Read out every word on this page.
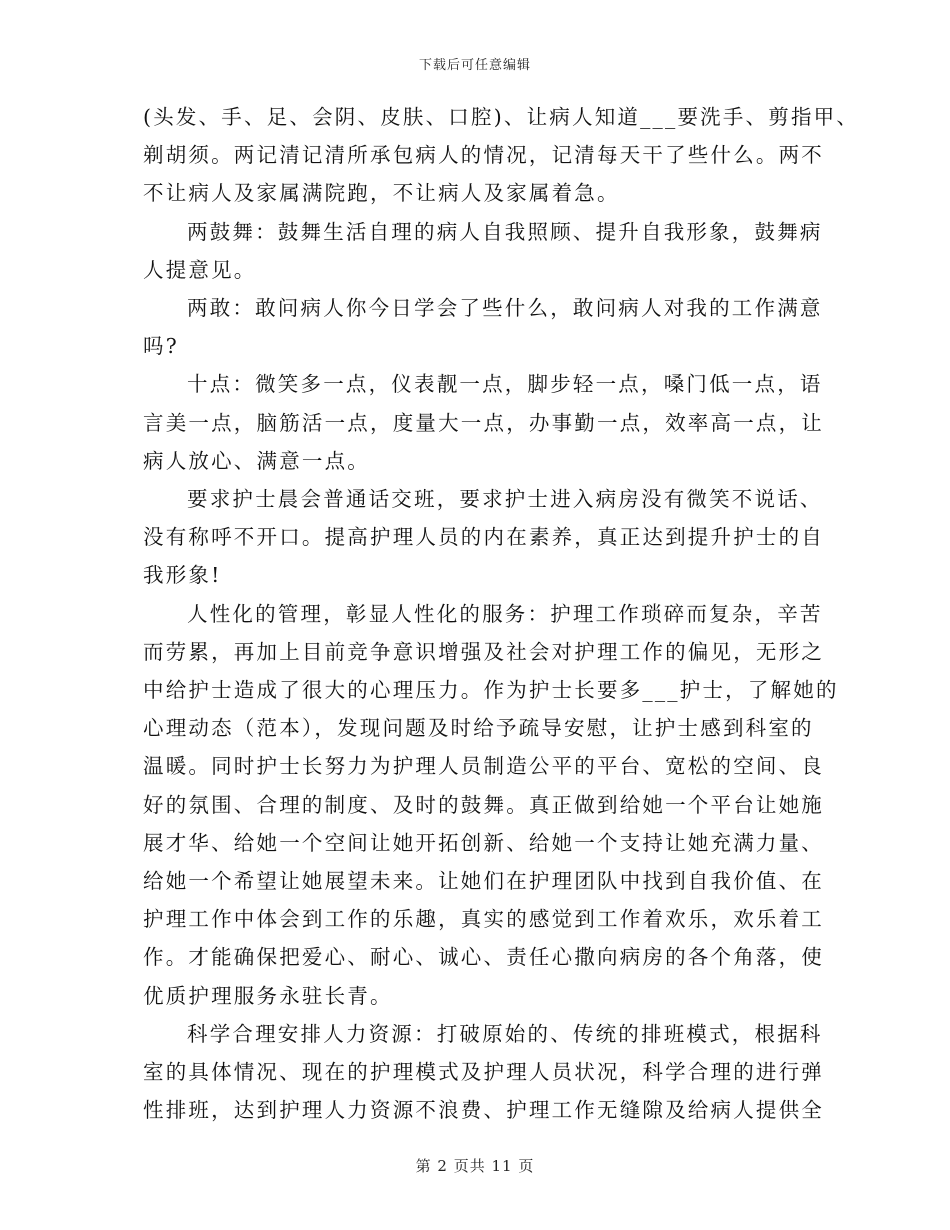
下载后可任意编辑
(头发、手、足、会阴、皮肤、口腔)、让病人知道___要洗手、剪指甲、
剃胡须。两记清记清所承包病人的情况，记清每天干了些什么。两不
不让病人及家属满院跑，不让病人及家属着急。
两鼓舞：鼓舞生活自理的病人自我照顾、提升自我形象，鼓舞病
人提意见。
两敢：敢问病人你今日学会了些什么，敢问病人对我的工作满意
吗?
十点：微笑多一点，仪表靓一点，脚步轻一点，嗓门低一点，语
言美一点，脑筋活一点，度量大一点，办事勤一点，效率高一点，让
病人放心、满意一点。
要求护士晨会普通话交班，要求护士进入病房没有微笑不说话、
没有称呼不开口。提高护理人员的内在素养，真正达到提升护士的自
我形象!
人性化的管理，彰显人性化的服务：护理工作琐碎而复杂，辛苦
而劳累，再加上目前竞争意识增强及社会对护理工作的偏见，无形之
中给护士造成了很大的心理压力。作为护士长要多___护士，了解她的
心理动态（范本），发现问题及时给予疏导安慰，让护士感到科室的
温暖。同时护士长努力为护理人员制造公平的平台、宽松的空间、良
好的氛围、合理的制度、及时的鼓舞。真正做到给她一个平台让她施
展才华、给她一个空间让她开拓创新、给她一个支持让她充满力量、
给她一个希望让她展望未来。让她们在护理团队中找到自我价值、在
护理工作中体会到工作的乐趣，真实的感觉到工作着欢乐，欢乐着工
作。才能确保把爱心、耐心、诚心、责任心撒向病房的各个角落，使
优质护理服务永驻长青。
科学合理安排人力资源：打破原始的、传统的排班模式，根据科
室的具体情况、现在的护理模式及护理人员状况，科学合理的进行弹
性排班，达到护理人力资源不浪费、护理工作无缝隙及给病人提供全
第 2 页共 11 页
